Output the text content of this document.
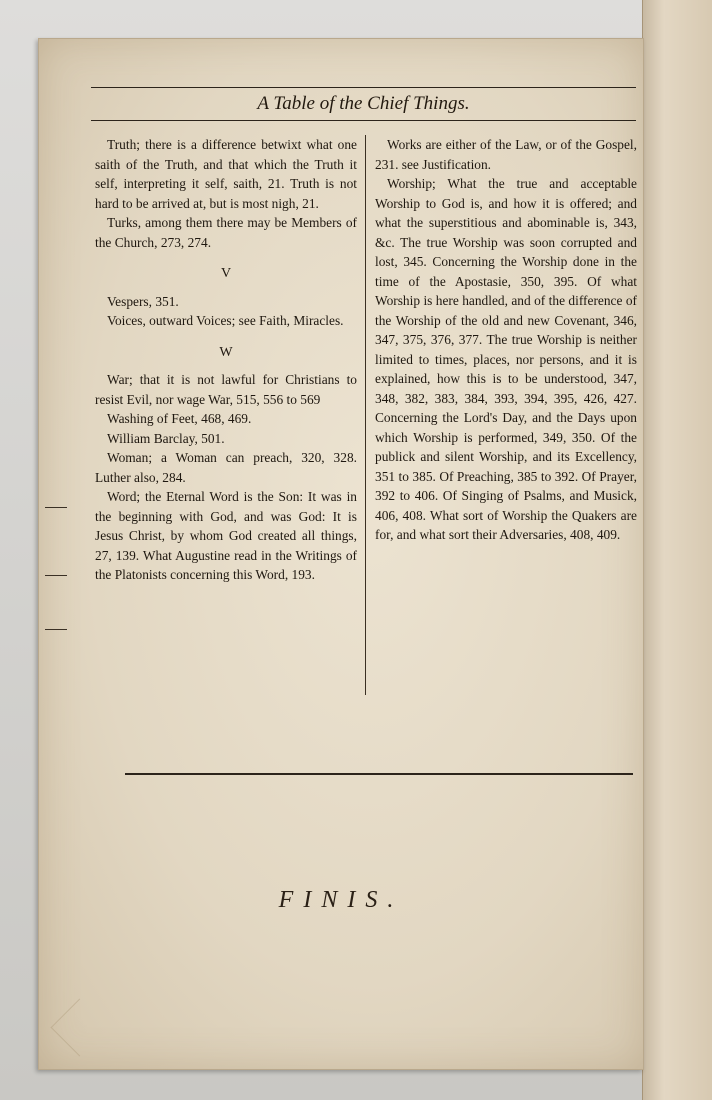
A Table of the Chief Things.

Truth; there is a difference betwixt what one saith of the Truth, and that which the Truth it self, interpreting it self, saith, 21. Truth is not hard to be arrived at, but is most nigh, 21.

Turks, among them there may be Members of the Church, 273, 274.

V

Vespers, 351.

Voices, outward Voices; see Faith, Miracles.

W

War; that it is not lawful for Christians to resist Evil, nor wage War, 515, 556 to 569

Washing of Feet, 468, 469.

William Barclay, 501.

Woman; a Woman can preach, 320, 328. Luther also, 284.

Word; the Eternal Word is the Son: It was in the beginning with God, and was God: It is Jesus Christ, by whom God created all things, 27, 139. What Augustine read in the Writings of the Platonists concerning this Word, 193.

Works are either of the Law, or of the Gospel, 231. see Justification.

Worship; What the true and acceptable Worship to God is, and how it is offered; and what the superstitious and abominable is, 343, &c. The true Worship was soon corrupted and lost, 345. Concerning the Worship done in the time of the Apostasie, 350, 395. Of what Worship is here handled, and of the difference of the Worship of the old and new Covenant, 346, 347, 375, 376, 377. The true Worship is neither limited to times, places, nor persons, and it is explained, how this is to be understood, 347, 348, 382, 383, 384, 393, 394, 395, 426, 427. Concerning the Lord's Day, and the Days upon which Worship is performed, 349, 350. Of the publick and silent Worship, and its Excellency, 351 to 385. Of Preaching, 385 to 392. Of Prayer, 392 to 406. Of Singing of Psalms, and Musick, 406, 408. What sort of Worship the Quakers are for, and what sort their Adversaries, 408, 409.

FINIS.
